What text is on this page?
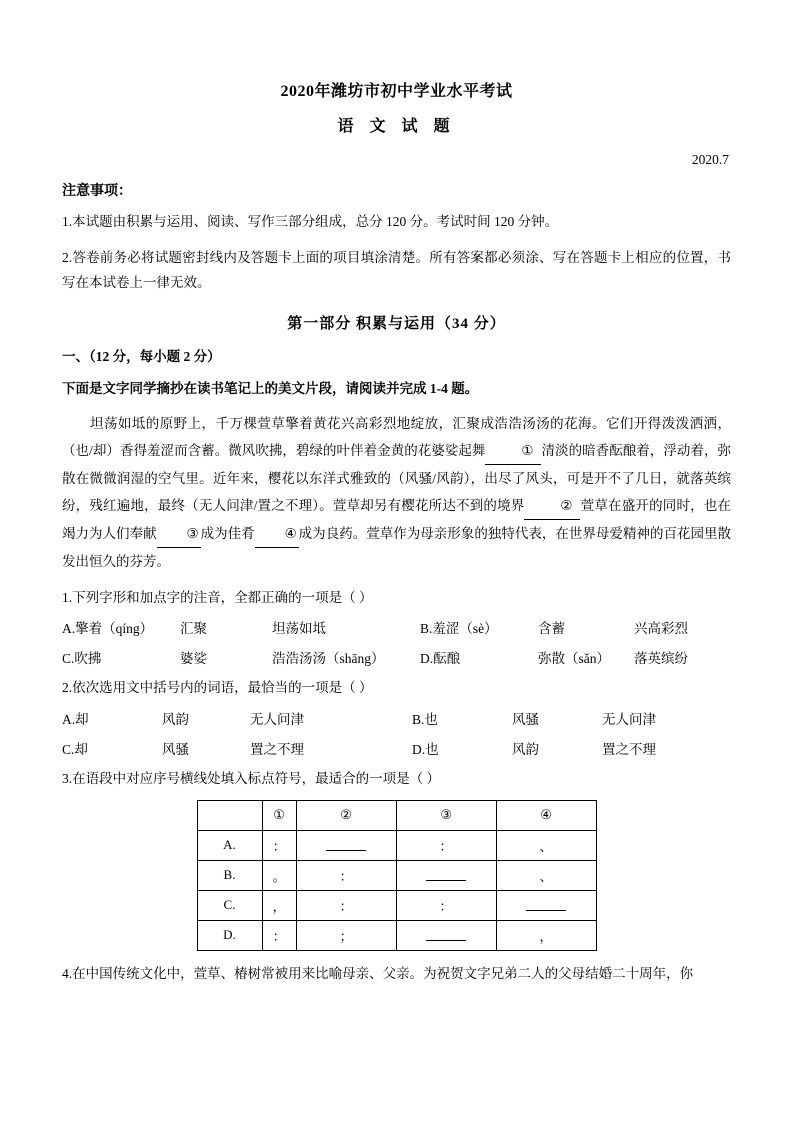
2020年潍坊市初中学业水平考试
语 文 试 题
2020.7
注意事项：

1.本试题由积累与运用、阅读、写作三部分组成，总分 120 分。考试时间 120 分钟。

2.答卷前务必将试题密封线内及答题卡上面的项目填涂清楚。所有答案都必须涂、写在答题卡上相应的位置，书写在本试卷上一律无效。

第一部分 积累与运用（34 分）
一、（12 分，每小题 2 分）
下面是文字同学摘抄在读书笔记上的美文片段，请阅读并完成 1-4 题。

坦荡如坻的原野上，千万棵萱草擎着黄花兴高彩烈地绽放，汇聚成浩浩汤汤的花海。它们开得泼泼洒洒，（也/却）香得羞涩而含蓄。微风吹拂，碧绿的叶伴着金黄的花婆娑起舞	① 清淡的暗香酝酿着，浮动着，弥散在微微润湿的空气里。近年来，樱花以东洋式雅致的（风骚/风韵），出尽了风头，可是开不了几日，就落英缤纷，残红遍地，最终（无人问津/置之不理）。萱草却另有樱花所达不到的境界	② 萱草在盛开的同时，也在竭力为人们奉献 ③ 成为佳肴 ④ 成为良药。萱草作为母亲形象的独特代表，在世界母爱精神的百花园里散发出恒久的芬芳。

1.下列字形和加点字的注音，全都正确的一项是（ ）
A.擎着（qíng）	汇聚	坦荡如坻	B.羞涩（sè）	含蓄	兴高彩烈
C.吹拂	婆娑	浩浩汤汤（shāng）	D.酝酿	弥散（sǎn）	落英缤纷
2.依次选用文中括号内的词语，最恰当的一项是（ ）
A.却	风韵	无人问津	B.也	风骚	无人问津
C.却	风骚	置之不理	D.也	风韵	置之不理
3.在语段中对应序号横线处填入标点符号，最适合的一项是（ ）
	①	②	③	④
A.	：		：	、
B.	。	：		、
C.	，	：	：	
D.	：	；		，
4.在中国传统文化中，萱草、椿树常被用来比喻母亲、父亲。为祝贺文字兄弟二人的父母结婚二十周年，你
